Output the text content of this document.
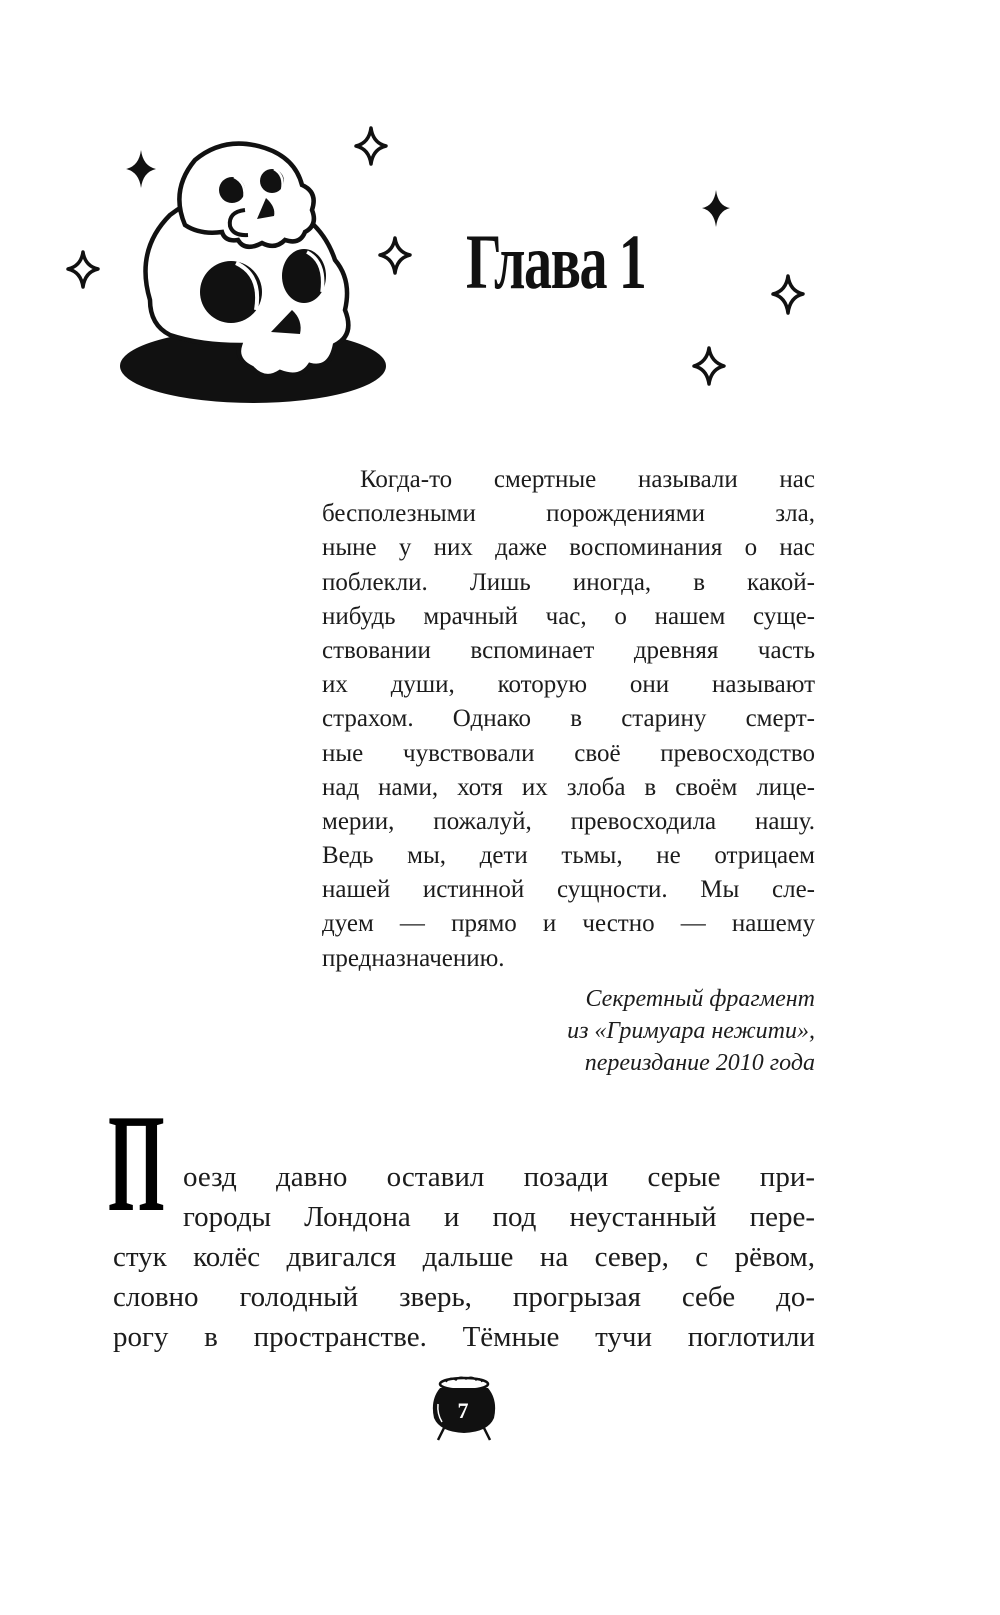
Глава 1
Когда-то смертные называли нас
бесполезными порождениями зла,
ныне у них даже воспоминания о нас
поблекли. Лишь иногда, в какой-
нибудь мрачный час, о нашем суще-
ствовании вспоминает древняя часть
их души, которую они называют
страхом. Однако в старину смерт-
ные чувствовали своё превосходство
над нами, хотя их злоба в своём лице-
мерии, пожалуй, превосходила нашу.
Ведь мы, дети тьмы, не отрицаем
нашей истинной сущности. Мы сле-
дуем — прямо и честно — нашему
предназначению.
Секретный фрагмент
из «Гримуара нежити»,
переиздание 2010 года
П оезд давно оставил позади серые при-
городы Лондона и под неустанный пере-
стук колёс двигался дальше на север, с рёвом,
словно голодный зверь, прогрызая себе до-
рогу в пространстве. Тёмные тучи поглотили
7
